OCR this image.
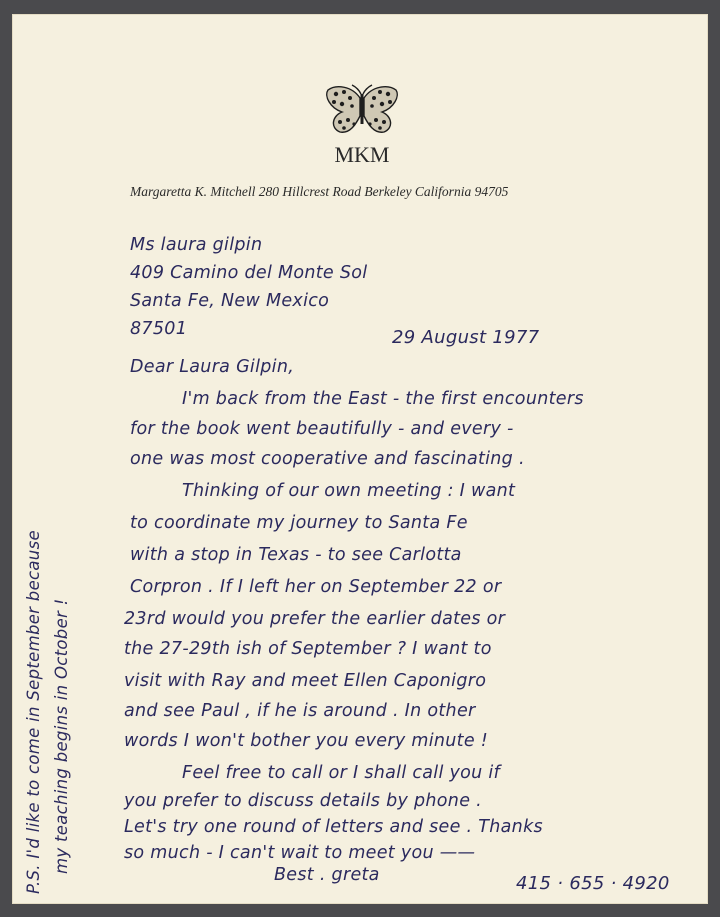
MKM
Margaretta K. Mitchell 280 Hillcrest Road Berkeley California 94705
Ms laura gilpin
409 Camino del Monte Sol
Santa Fe, New Mexico
87501	29 August 1977
Dear Laura Gilpin,
I'm back from the East - the first encounters
for the book went beautifully - and every -
one was most cooperative and fascinating .
Thinking of our own meeting : I want
to coordinate my journey to Santa Fe
with a stop in Texas - to see Carlotta
Corpron . If I left her on September 22 or
23rd would you prefer the earlier dates or
the 27-29th ish of September ? I want to
visit with Ray and meet Ellen Caponigro
and see Paul , if he is around . In other
words I won't bother you every minute !
Feel free to call or I shall call you if
you prefer to discuss details by phone .
Let's try one round of letters and see . Thanks
so much - I can't wait to meet you ——
Best . greta	415 · 655 · 4920
P.S. I'd like to come in September because my teaching begins in October !
